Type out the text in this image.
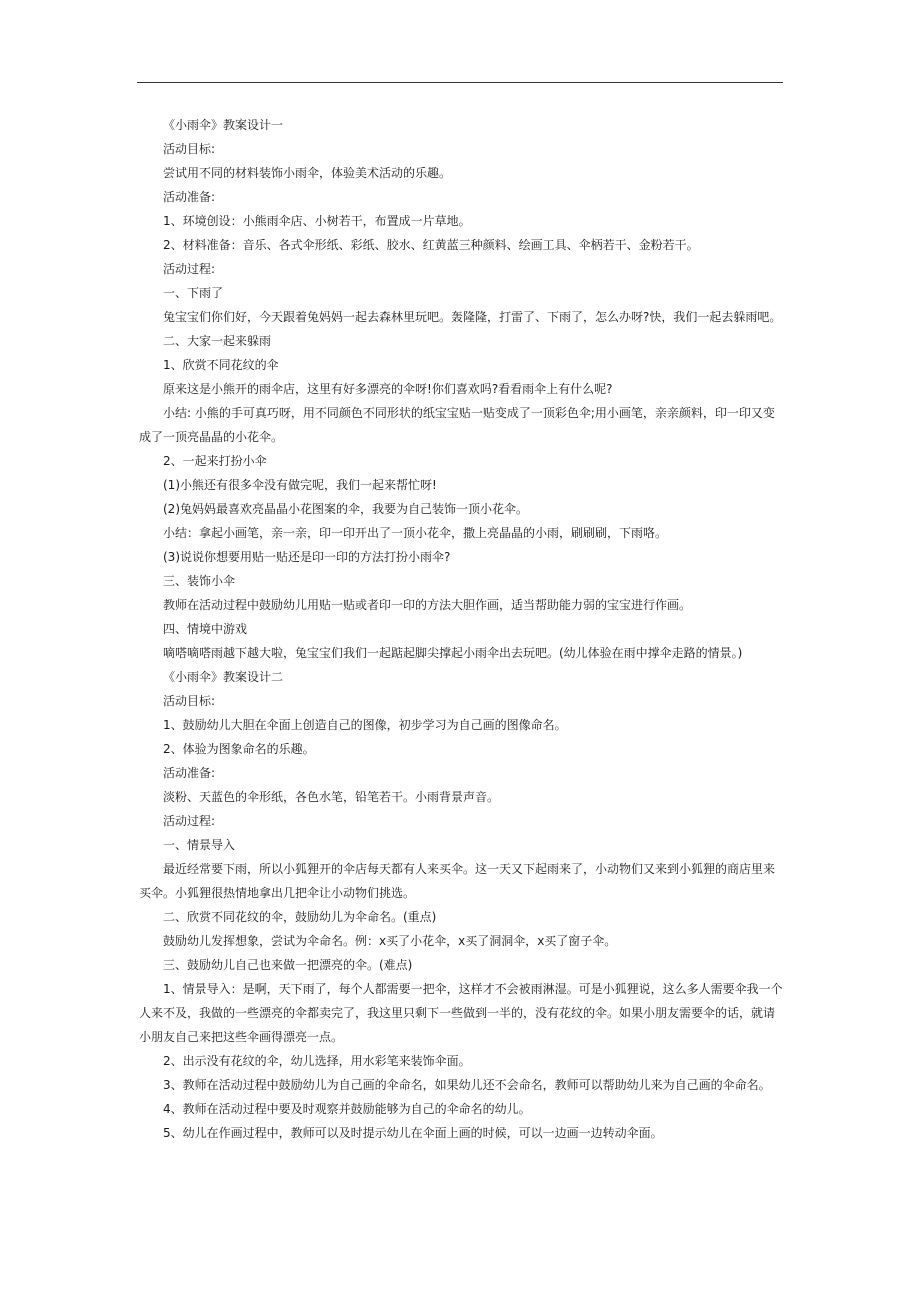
《小雨伞》教案设计一

活动目标:

尝试用不同的材料装饰小雨伞，体验美术活动的乐趣。

活动准备:

1、环境创设：小熊雨伞店、小树若干，布置成一片草地。

2、材料准备：音乐、各式伞形纸、彩纸、胶水、红黄蓝三种颜料、绘画工具、伞柄若干、金粉若干。

活动过程:

一、下雨了

兔宝宝们你们好，今天跟着兔妈妈一起去森林里玩吧。轰隆隆，打雷了、下雨了，怎么办呀?快，我们一起去躲雨吧。

二、大家一起来躲雨

1、欣赏不同花纹的伞

原来这是小熊开的雨伞店，这里有好多漂亮的伞呀!你们喜欢吗?看看雨伞上有什么呢?

小结: 小熊的手可真巧呀，用不同颜色不同形状的纸宝宝贴一贴变成了一顶彩色伞;用小画笔，亲亲颜料，印一印又变成了一顶亮晶晶的小花伞。

2、一起来打扮小伞

(1)小熊还有很多伞没有做完呢，我们一起来帮忙呀!

(2)兔妈妈最喜欢亮晶晶小花图案的伞，我要为自己装饰一顶小花伞。

小结：拿起小画笔，亲一亲，印一印开出了一顶小花伞，撒上亮晶晶的小雨，刷刷刷，下雨咯。

(3)说说你想要用贴一贴还是印一印的方法打扮小雨伞?

三、装饰小伞

教师在活动过程中鼓励幼儿用贴一贴或者印一印的方法大胆作画，适当帮助能力弱的宝宝进行作画。

四、情境中游戏

嘀嗒嘀嗒雨越下越大啦，兔宝宝们我们一起踮起脚尖撑起小雨伞出去玩吧。(幼儿体验在雨中撑伞走路的情景。)

《小雨伞》教案设计二

活动目标:

1、鼓励幼儿大胆在伞面上创造自己的图像，初步学习为自己画的图像命名。

2、体验为图象命名的乐趣。

活动准备:

淡粉、天蓝色的伞形纸，各色水笔，铅笔若干。小雨背景声音。

活动过程:

一、情景导入

最近经常要下雨，所以小狐狸开的伞店每天都有人来买伞。这一天又下起雨来了，小动物们又来到小狐狸的商店里来买伞。小狐狸很热情地拿出几把伞让小动物们挑选。

二、欣赏不同花纹的伞，鼓励幼儿为伞命名。(重点)

鼓励幼儿发挥想象，尝试为伞命名。例：x买了小花伞，x买了洞洞伞，x买了窗子伞。

三、鼓励幼儿自己也来做一把漂亮的伞。(难点)

1、情景导入：是啊，天下雨了，每个人都需要一把伞，这样才不会被雨淋湿。可是小狐狸说，这么多人需要伞我一个人来不及，我做的一些漂亮的伞都卖完了，我这里只剩下一些做到一半的，没有花纹的伞。如果小朋友需要伞的话，就请小朋友自己来把这些伞画得漂亮一点。

2、出示没有花纹的伞，幼儿选择，用水彩笔来装饰伞面。

3、教师在活动过程中鼓励幼儿为自己画的伞命名，如果幼儿还不会命名，教师可以帮助幼儿来为自己画的伞命名。

4、教师在活动过程中要及时观察并鼓励能够为自己的伞命名的幼儿。

5、幼儿在作画过程中，教师可以及时提示幼儿在伞面上画的时候，可以一边画一边转动伞面。
